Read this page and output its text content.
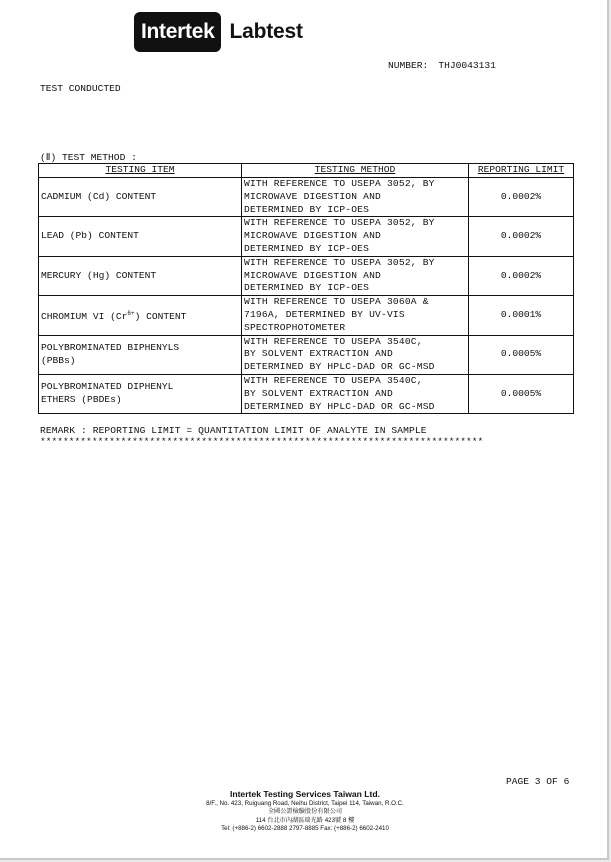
Intertek Labtest
NUMBER: THJ0043131
TEST CONDUCTED
(Ⅱ) TEST METHOD :
TESTING ITEM	TESTING METHOD	REPORTING LIMIT
CADMIUM (Cd) CONTENT	WITH REFERENCE TO USEPA 3052, BY
MICROWAVE DIGESTION AND
DETERMINED BY ICP-OES	0.0002%
LEAD (Pb) CONTENT	WITH REFERENCE TO USEPA 3052, BY
MICROWAVE DIGESTION AND
DETERMINED BY ICP-OES	0.0002%
MERCURY (Hg) CONTENT	WITH REFERENCE TO USEPA 3052, BY
MICROWAVE DIGESTION AND
DETERMINED BY ICP-OES	0.0002%
CHROMIUM VI $(Cr^{6+})$ CONTENT	WITH REFERENCE TO USEPA 3060A &
7196A, DETERMINED BY UV-VIS
SPECTROPHOTOMETER	0.0001%
POLYBROMINATED BIPHENYLS
(PBBs)	WITH REFERENCE TO USEPA 3540C,
BY SOLVENT EXTRACTION AND
DETERMINED BY HPLC-DAD OR GC-MSD	0.0005%
POLYBROMINATED DIPHENYL
ETHERS (PBDEs)	WITH REFERENCE TO USEPA 3540C,
BY SOLVENT EXTRACTION AND
DETERMINED BY HPLC-DAD OR GC-MSD	0.0005%
REMARK : REPORTING LIMIT = QUANTITATION LIMIT OF ANALYTE IN SAMPLE
*****************************************************************************
PAGE 3 OF 6
Intertek Testing Services Taiwan Ltd.
8/F., No. 423, Ruiguang Road, Neihu District, Taipei 114, Taiwan, R.O.C.
全國公證檢驗股份有限公司
114 台北市內湖區瑞光路 423號 8 樓
Tel: (+886-2) 6602-2888 2797-8885 Fax: (+886-2) 6602-2410
